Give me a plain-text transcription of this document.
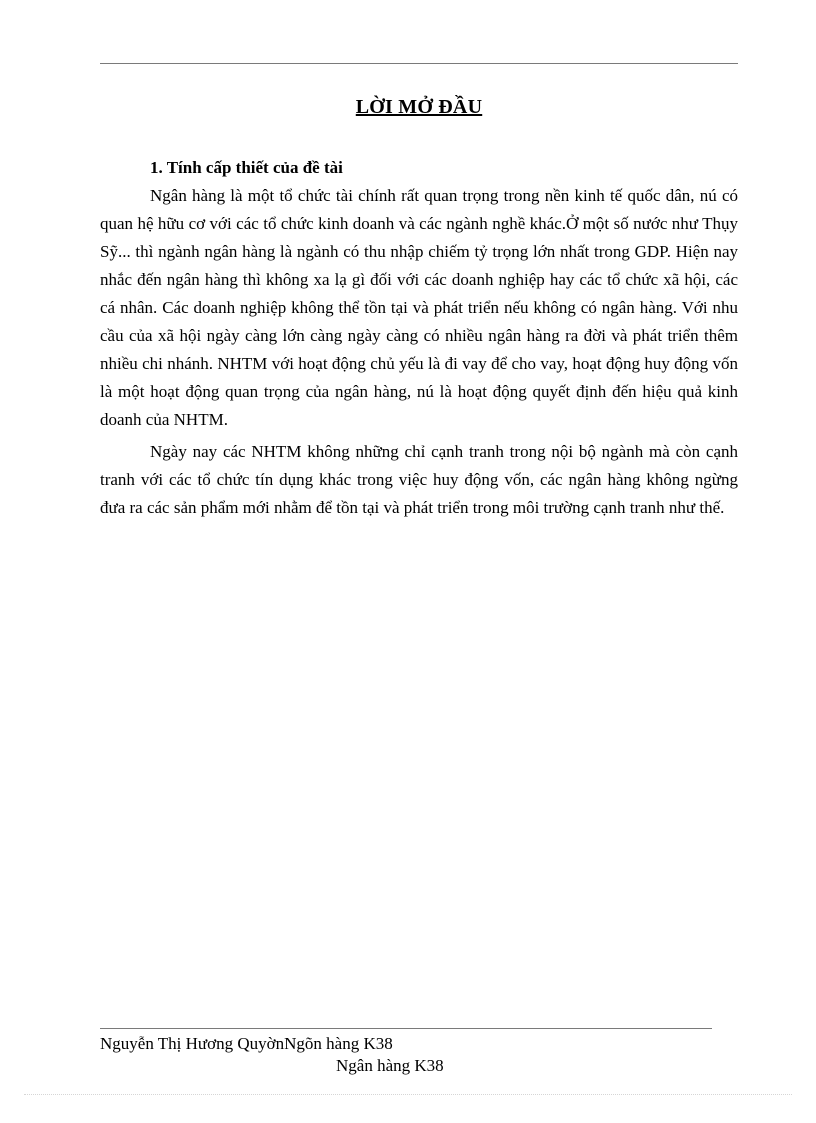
LỜI MỞ ĐẦU

1. Tính cấp thiết của đề tài

Ngân hàng là một tổ chức tài chính rất quan trọng trong nền kinh tế quốc dân, nú có quan hệ hữu cơ với các tổ chức kinh doanh và các ngành nghề khác.Ở một số nước như Thụy Sỹ... thì ngành ngân hàng là ngành có thu nhập chiếm tỷ trọng lớn nhất trong GDP. Hiện nay nhắc đến ngân hàng thì không xa lạ gì đối với các doanh nghiệp hay các tổ chức xã hội, các cá nhân. Các doanh nghiệp không thể tồn tại và phát triển nếu không có ngân hàng. Với nhu cầu của xã hội ngày càng lớn càng ngày càng có nhiều ngân hàng ra đời và phát triển thêm nhiều chi nhánh. NHTM với hoạt động chủ yếu là đi vay để cho vay, hoạt động huy động vốn là một hoạt động quan trọng của ngân hàng, nú là hoạt động quyết định đến hiệu quả kinh doanh của NHTM.

Ngày nay các NHTM không những chỉ cạnh tranh trong nội bộ ngành mà còn cạnh tranh với các tổ chức tín dụng khác trong việc huy động vốn, các ngân hàng không ngừng đưa ra các sản phẩm mới nhằm để tồn tại và phát triển trong môi trường cạnh tranh như thế.

Nguyễn Thị Hương QuyờnNgõn hàng K38
Ngân hàng K38
